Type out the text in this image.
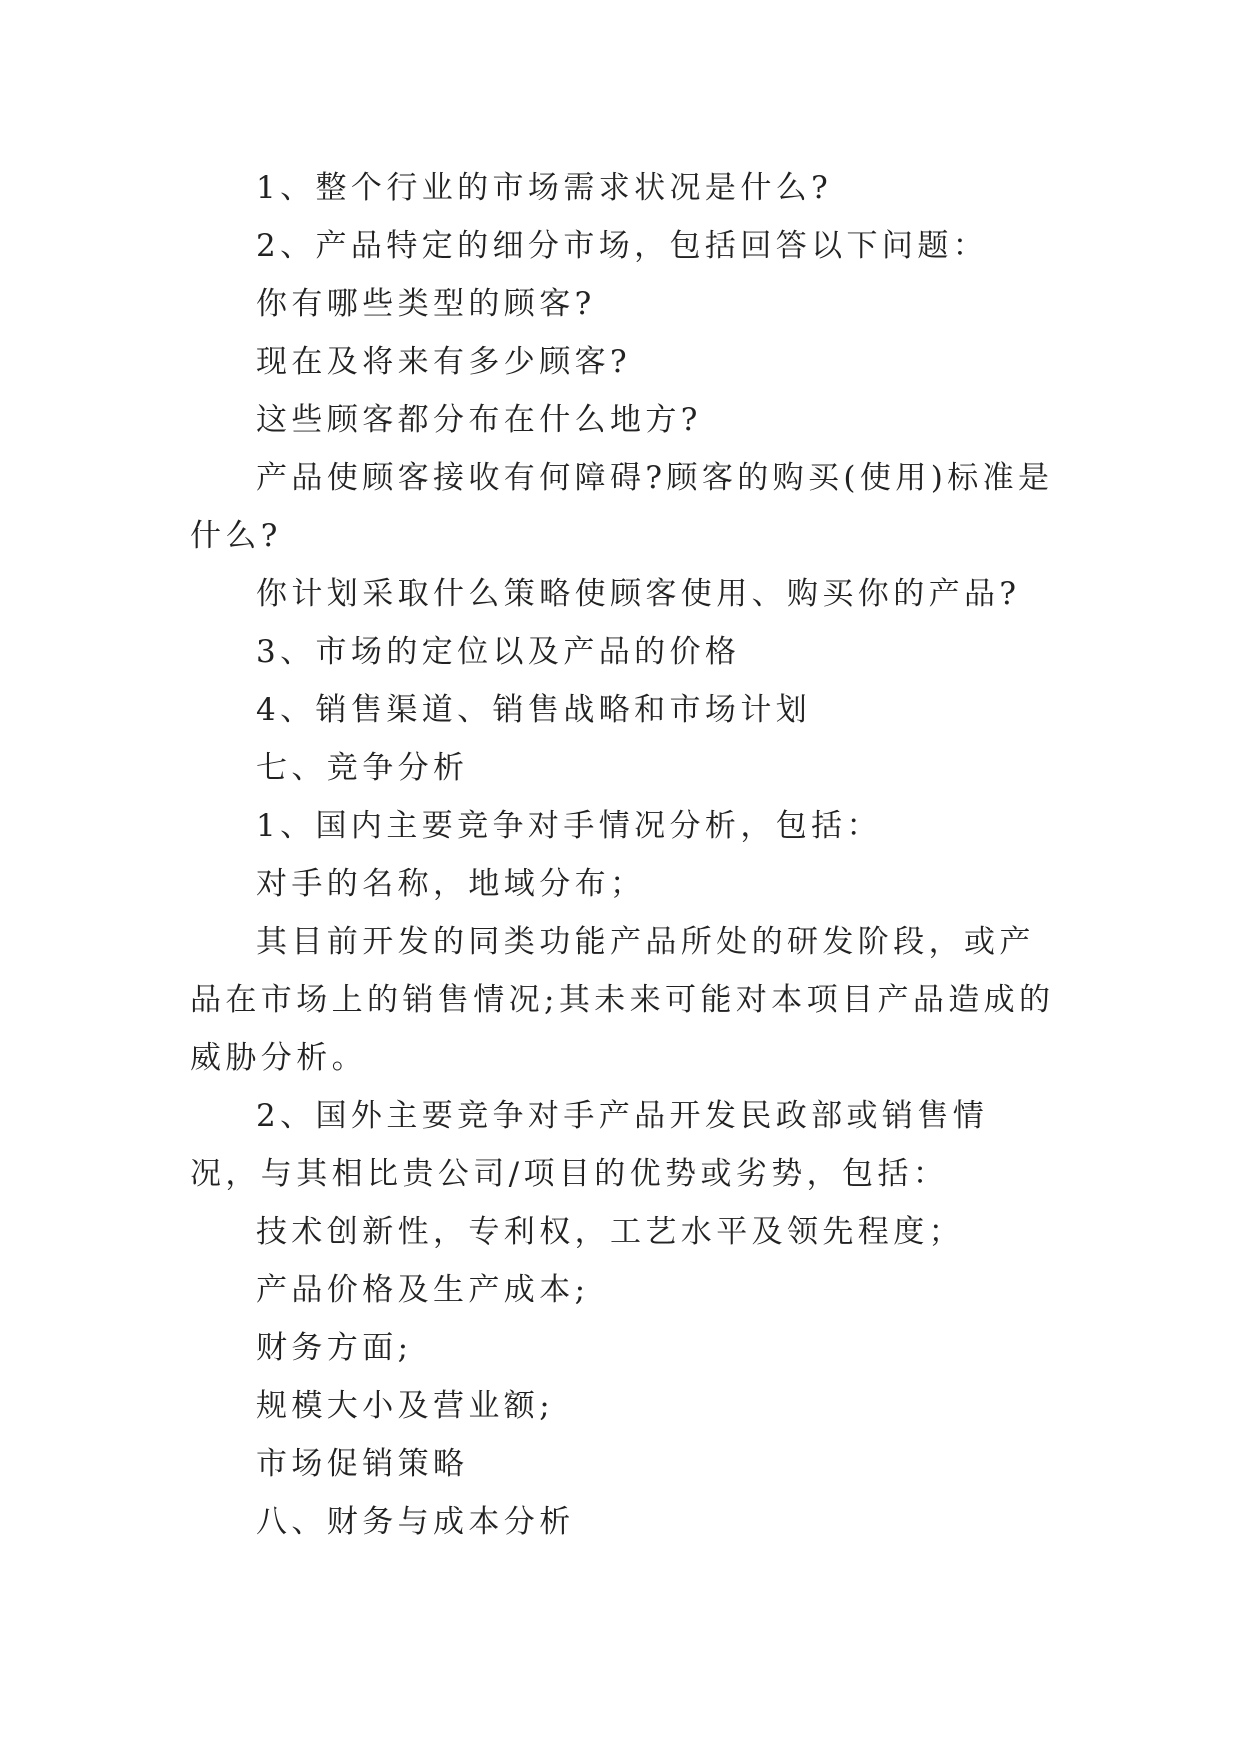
1、整个行业的市场需求状况是什么?

2、产品特定的细分市场，包括回答以下问题：

你有哪些类型的顾客?

现在及将来有多少顾客?

这些顾客都分布在什么地方?

产品使顾客接收有何障碍?顾客的购买(使用)标准是什么?

你计划采取什么策略使顾客使用、购买你的产品?

3、市场的定位以及产品的价格

4、销售渠道、销售战略和市场计划

七、竞争分析

1、国内主要竞争对手情况分析，包括：

对手的名称，地域分布；

其目前开发的同类功能产品所处的研发阶段，或产品在市场上的销售情况;其未来可能对本项目产品造成的威胁分析。

2、国外主要竞争对手产品开发民政部或销售情况，与其相比贵公司/项目的优势或劣势，包括：

技术创新性，专利权，工艺水平及领先程度；

产品价格及生产成本;

财务方面;

规模大小及营业额;

市场促销策略

八、财务与成本分析
